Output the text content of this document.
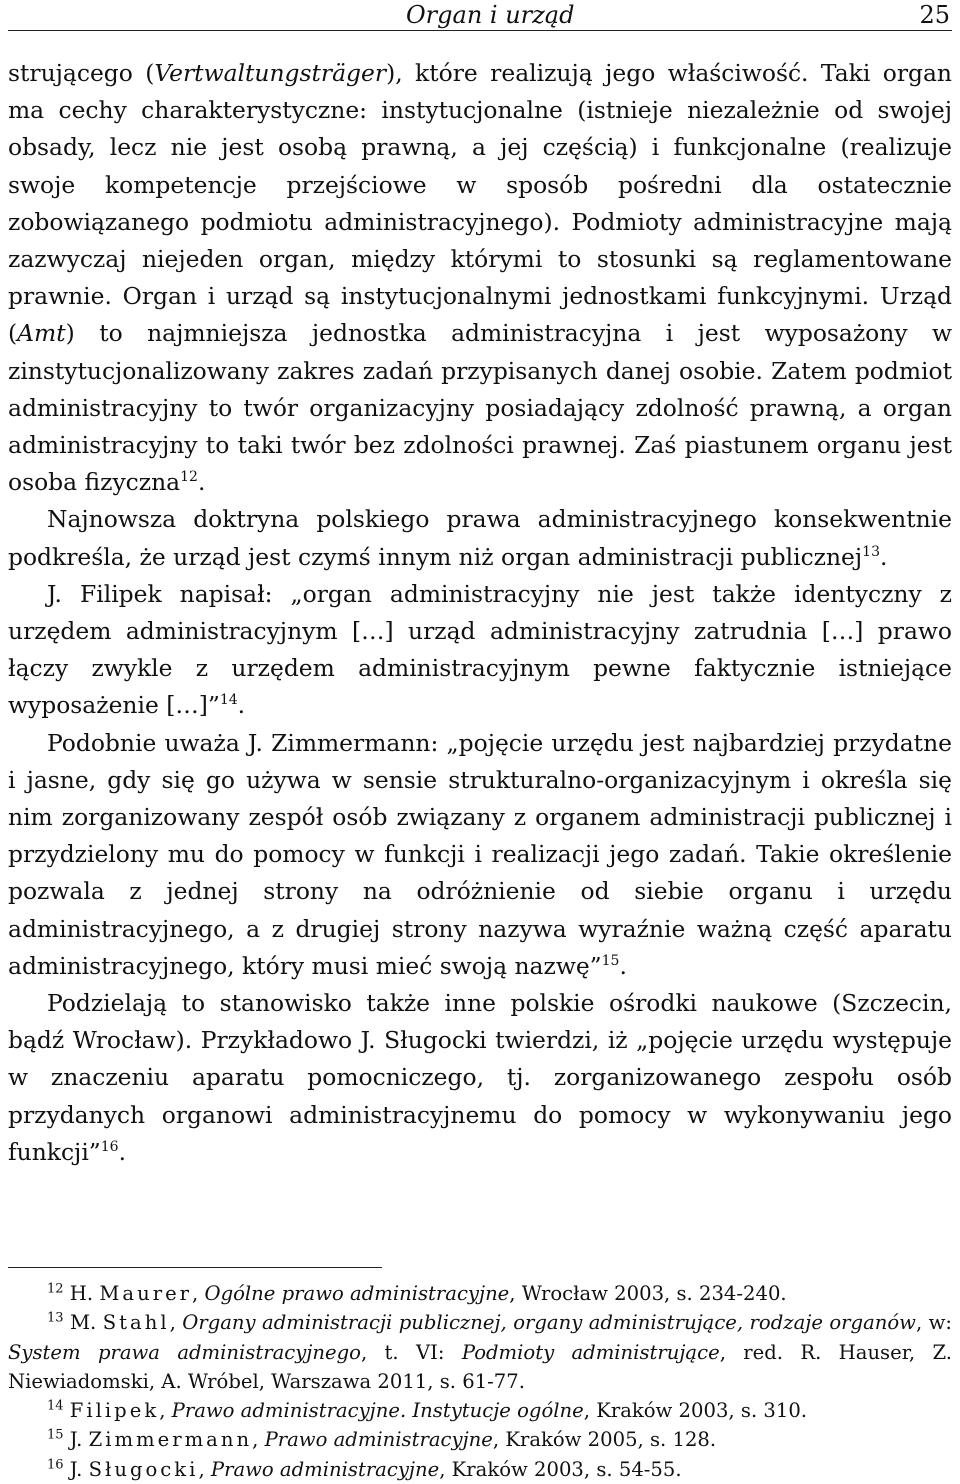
Organ i urząd	25

strującego (Vertwaltungsträger), które realizują jego właściwość. Taki organ ma cechy charakterystyczne: instytucjonalne (istnieje niezależnie od swojej obsady, lecz nie jest osobą prawną, a jej częścią) i funkcjonalne (realizuje swoje kompetencje przejściowe w sposób pośredni dla ostatecznie zobowiązanego podmiotu administracyjnego). Podmioty administracyjne mają zazwyczaj niejeden organ, między którymi to stosunki są reglamentowane prawnie. Organ i urząd są instytucjonalnymi jednostkami funkcyjnymi. Urząd (Amt) to najmniejsza jednostka administracyjna i jest wyposażony w zinstytucjonalizowany zakres zadań przypisanych danej osobie. Zatem podmiot administracyjny to twór organizacyjny posiadający zdolność prawną, a organ administracyjny to taki twór bez zdolności prawnej. Zaś piastunem organu jest osoba fizyczna$^{12}$.

Najnowsza doktryna polskiego prawa administracyjnego konsekwentnie podkreśla, że urząd jest czymś innym niż organ administracji publicznej$^{13}$.

J. Filipek napisał: „organ administracyjny nie jest także identyczny z urzędem administracyjnym […] urząd administracyjny zatrudnia […] prawo łączy zwykle z urzędem administracyjnym pewne faktycznie istniejące wyposażenie […]”$^{14}$.

Podobnie uważa J. Zimmermann: „pojęcie urzędu jest najbardziej przydatne i jasne, gdy się go używa w sensie strukturalno-organizacyjnym i określa się nim zorganizowany zespół osób związany z organem administracji publicznej i przydzielony mu do pomocy w funkcji i realizacji jego zadań. Takie określenie pozwala z jednej strony na odróżnienie od siebie organu i urzędu administracyjnego, a z drugiej strony nazywa wyraźnie ważną część aparatu administracyjnego, który musi mieć swoją nazwę”$^{15}$.

Podzielają to stanowisko także inne polskie ośrodki naukowe (Szczecin, bądź Wrocław). Przykładowo J. Sługocki twierdzi, iż „pojęcie urzędu występuje w znaczeniu aparatu pomocniczego, tj. zorganizowanego zespołu osób przydanych organowi administracyjnemu do pomocy w wykonywaniu jego funkcji”$^{16}$.

$^{12}$ H. Maurer, Ogólne prawo administracyjne, Wrocław 2003, s. 234-240.

$^{13}$ M. Stahl, Organy administracji publicznej, organy administrujące, rodzaje organów, w: System prawa administracyjnego, t. VI: Podmioty administrujące, red. R. Hauser, Z. Niewiadomski, A. Wróbel, Warszawa 2011, s. 61-77.

$^{14}$ Filipek, Prawo administracyjne. Instytucje ogólne, Kraków 2003, s. 310.

$^{15}$ J. Zimmermann, Prawo administracyjne, Kraków 2005, s. 128.

$^{16}$ J. Sługocki, Prawo administracyjne, Kraków 2003, s. 54-55.
